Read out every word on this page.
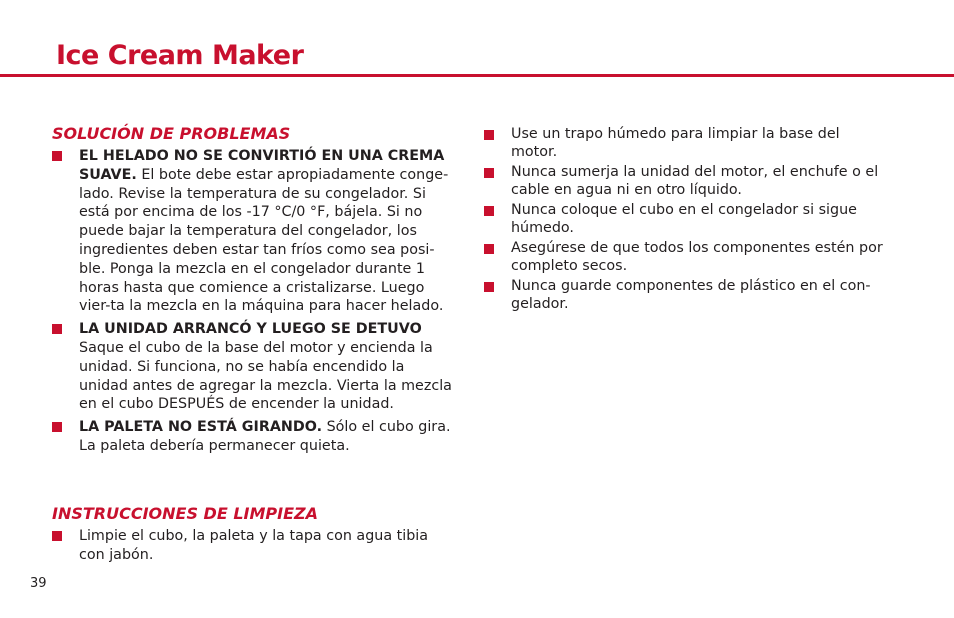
Ice Cream Maker
SOLUCIÓN DE PROBLEMAS
EL HELADO NO SE CONVIRTIÓ EN UNA CREMA SUAVE. El bote debe estar apropiadamente conge-lado. Revise la temperatura de su congelador. Si está por encima de los -17 °C/0 °F, bájela. Si no puede bajar la temperatura del congelador, los ingredientes deben estar tan fríos como sea posi-ble. Ponga la mezcla en el congelador durante 1 horas hasta que comience a cristalizarse. Luego vier-ta la mezcla en la máquina para hacer helado.
LA UNIDAD ARRANCÓ Y LUEGO SE DETUVO Saque el cubo de la base del motor y encienda la unidad. Si funciona, no se había encendido la unidad antes de agregar la mezcla. Vierta la mezcla en el cubo DESPUÉS de encender la unidad.
LA PALETA NO ESTÁ GIRANDO. Sólo el cubo gira. La paleta debería permanecer quieta.
INSTRUCCIONES DE LIMPIEZA
Limpie el cubo, la paleta y la tapa con agua tibia con jabón.
Use un trapo húmedo para limpiar la base del motor.
Nunca sumerja la unidad del motor, el enchufe o el cable en agua ni en otro líquido.
Nunca coloque el cubo en el congelador si sigue húmedo.
Asegúrese de que todos los componentes estén por completo secos.
Nunca guarde componentes de plástico en el con-gelador.
39
